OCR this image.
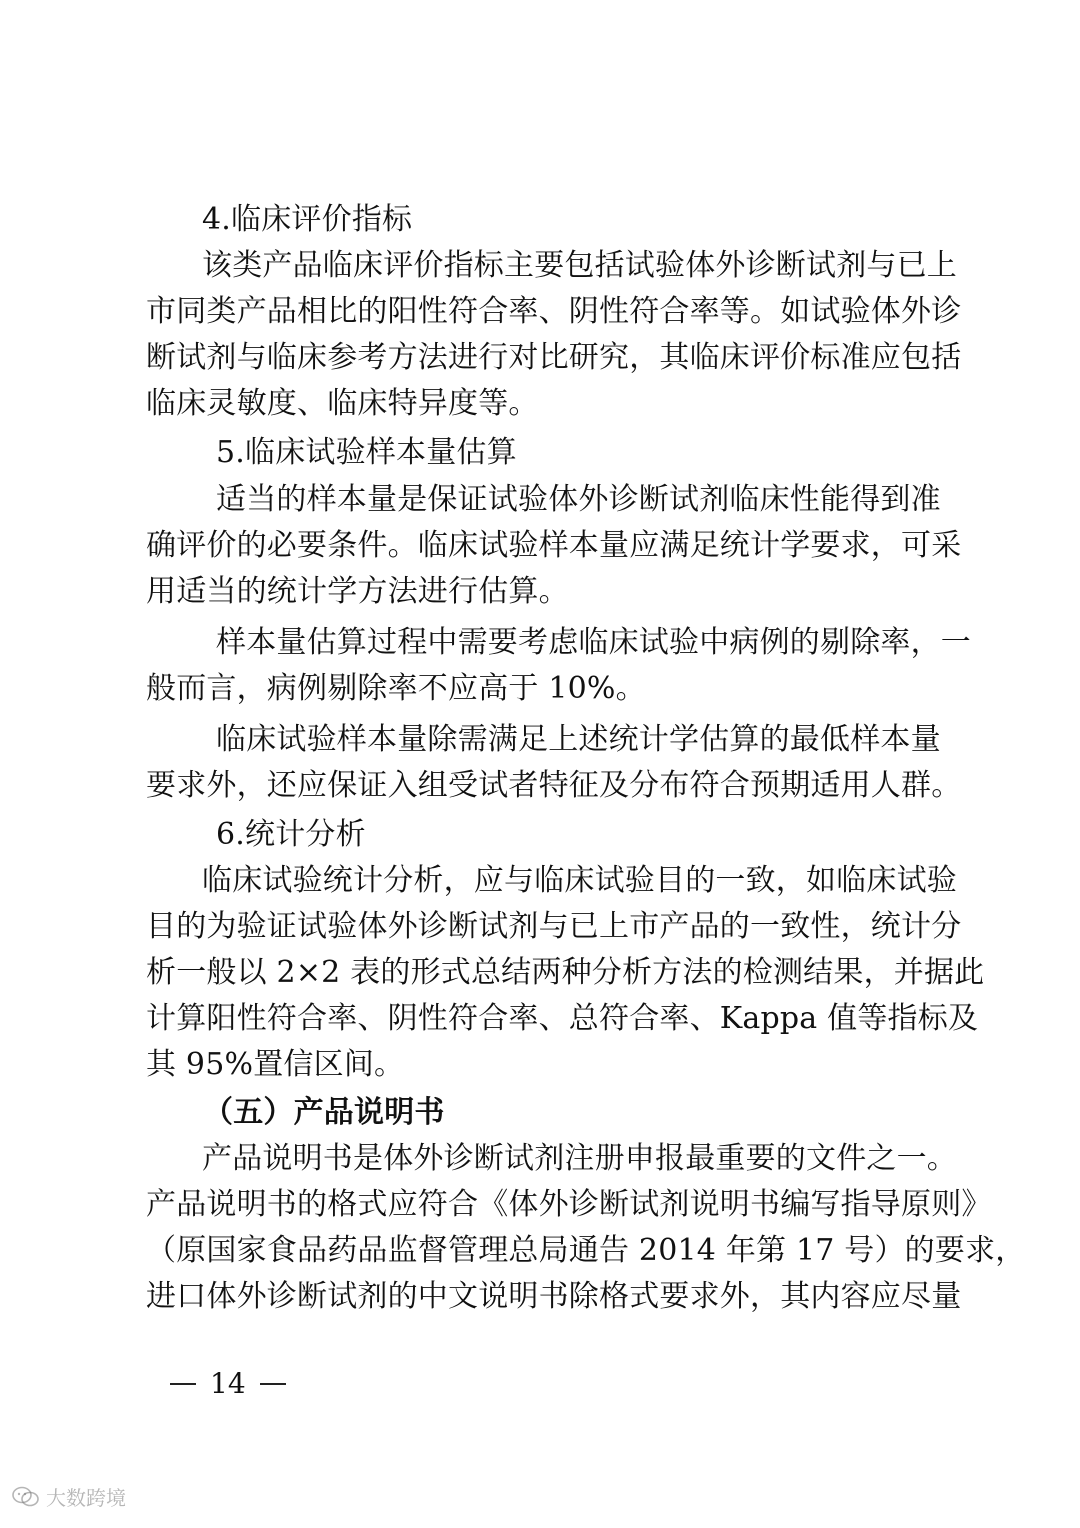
4.临床评价指标
该类产品临床评价指标主要包括试验体外诊断试剂与已上
市同类产品相比的阳性符合率、阴性符合率等。如试验体外诊
断试剂与临床参考方法进行对比研究，其临床评价标准应包括
临床灵敏度、临床特异度等。
5.临床试验样本量估算
适当的样本量是保证试验体外诊断试剂临床性能得到准
确评价的必要条件。临床试验样本量应满足统计学要求，可采
用适当的统计学方法进行估算。
样本量估算过程中需要考虑临床试验中病例的剔除率，一
般而言，病例剔除率不应高于 10%。
临床试验样本量除需满足上述统计学估算的最低样本量
要求外，还应保证入组受试者特征及分布符合预期适用人群。
6.统计分析
临床试验统计分析，应与临床试验目的一致，如临床试验
目的为验证试验体外诊断试剂与已上市产品的一致性，统计分
析一般以 2×2 表的形式总结两种分析方法的检测结果，并据此
计算阳性符合率、阴性符合率、总符合率、Kappa 值等指标及
其 95%置信区间。
（五）产品说明书
产品说明书是体外诊断试剂注册申报最重要的文件之一。
产品说明书的格式应符合《体外诊断试剂说明书编写指导原则》
（原国家食品药品监督管理总局通告 2014 年第 17 号）的要求，
进口体外诊断试剂的中文说明书除格式要求外，其内容应尽量
14
大数跨境
